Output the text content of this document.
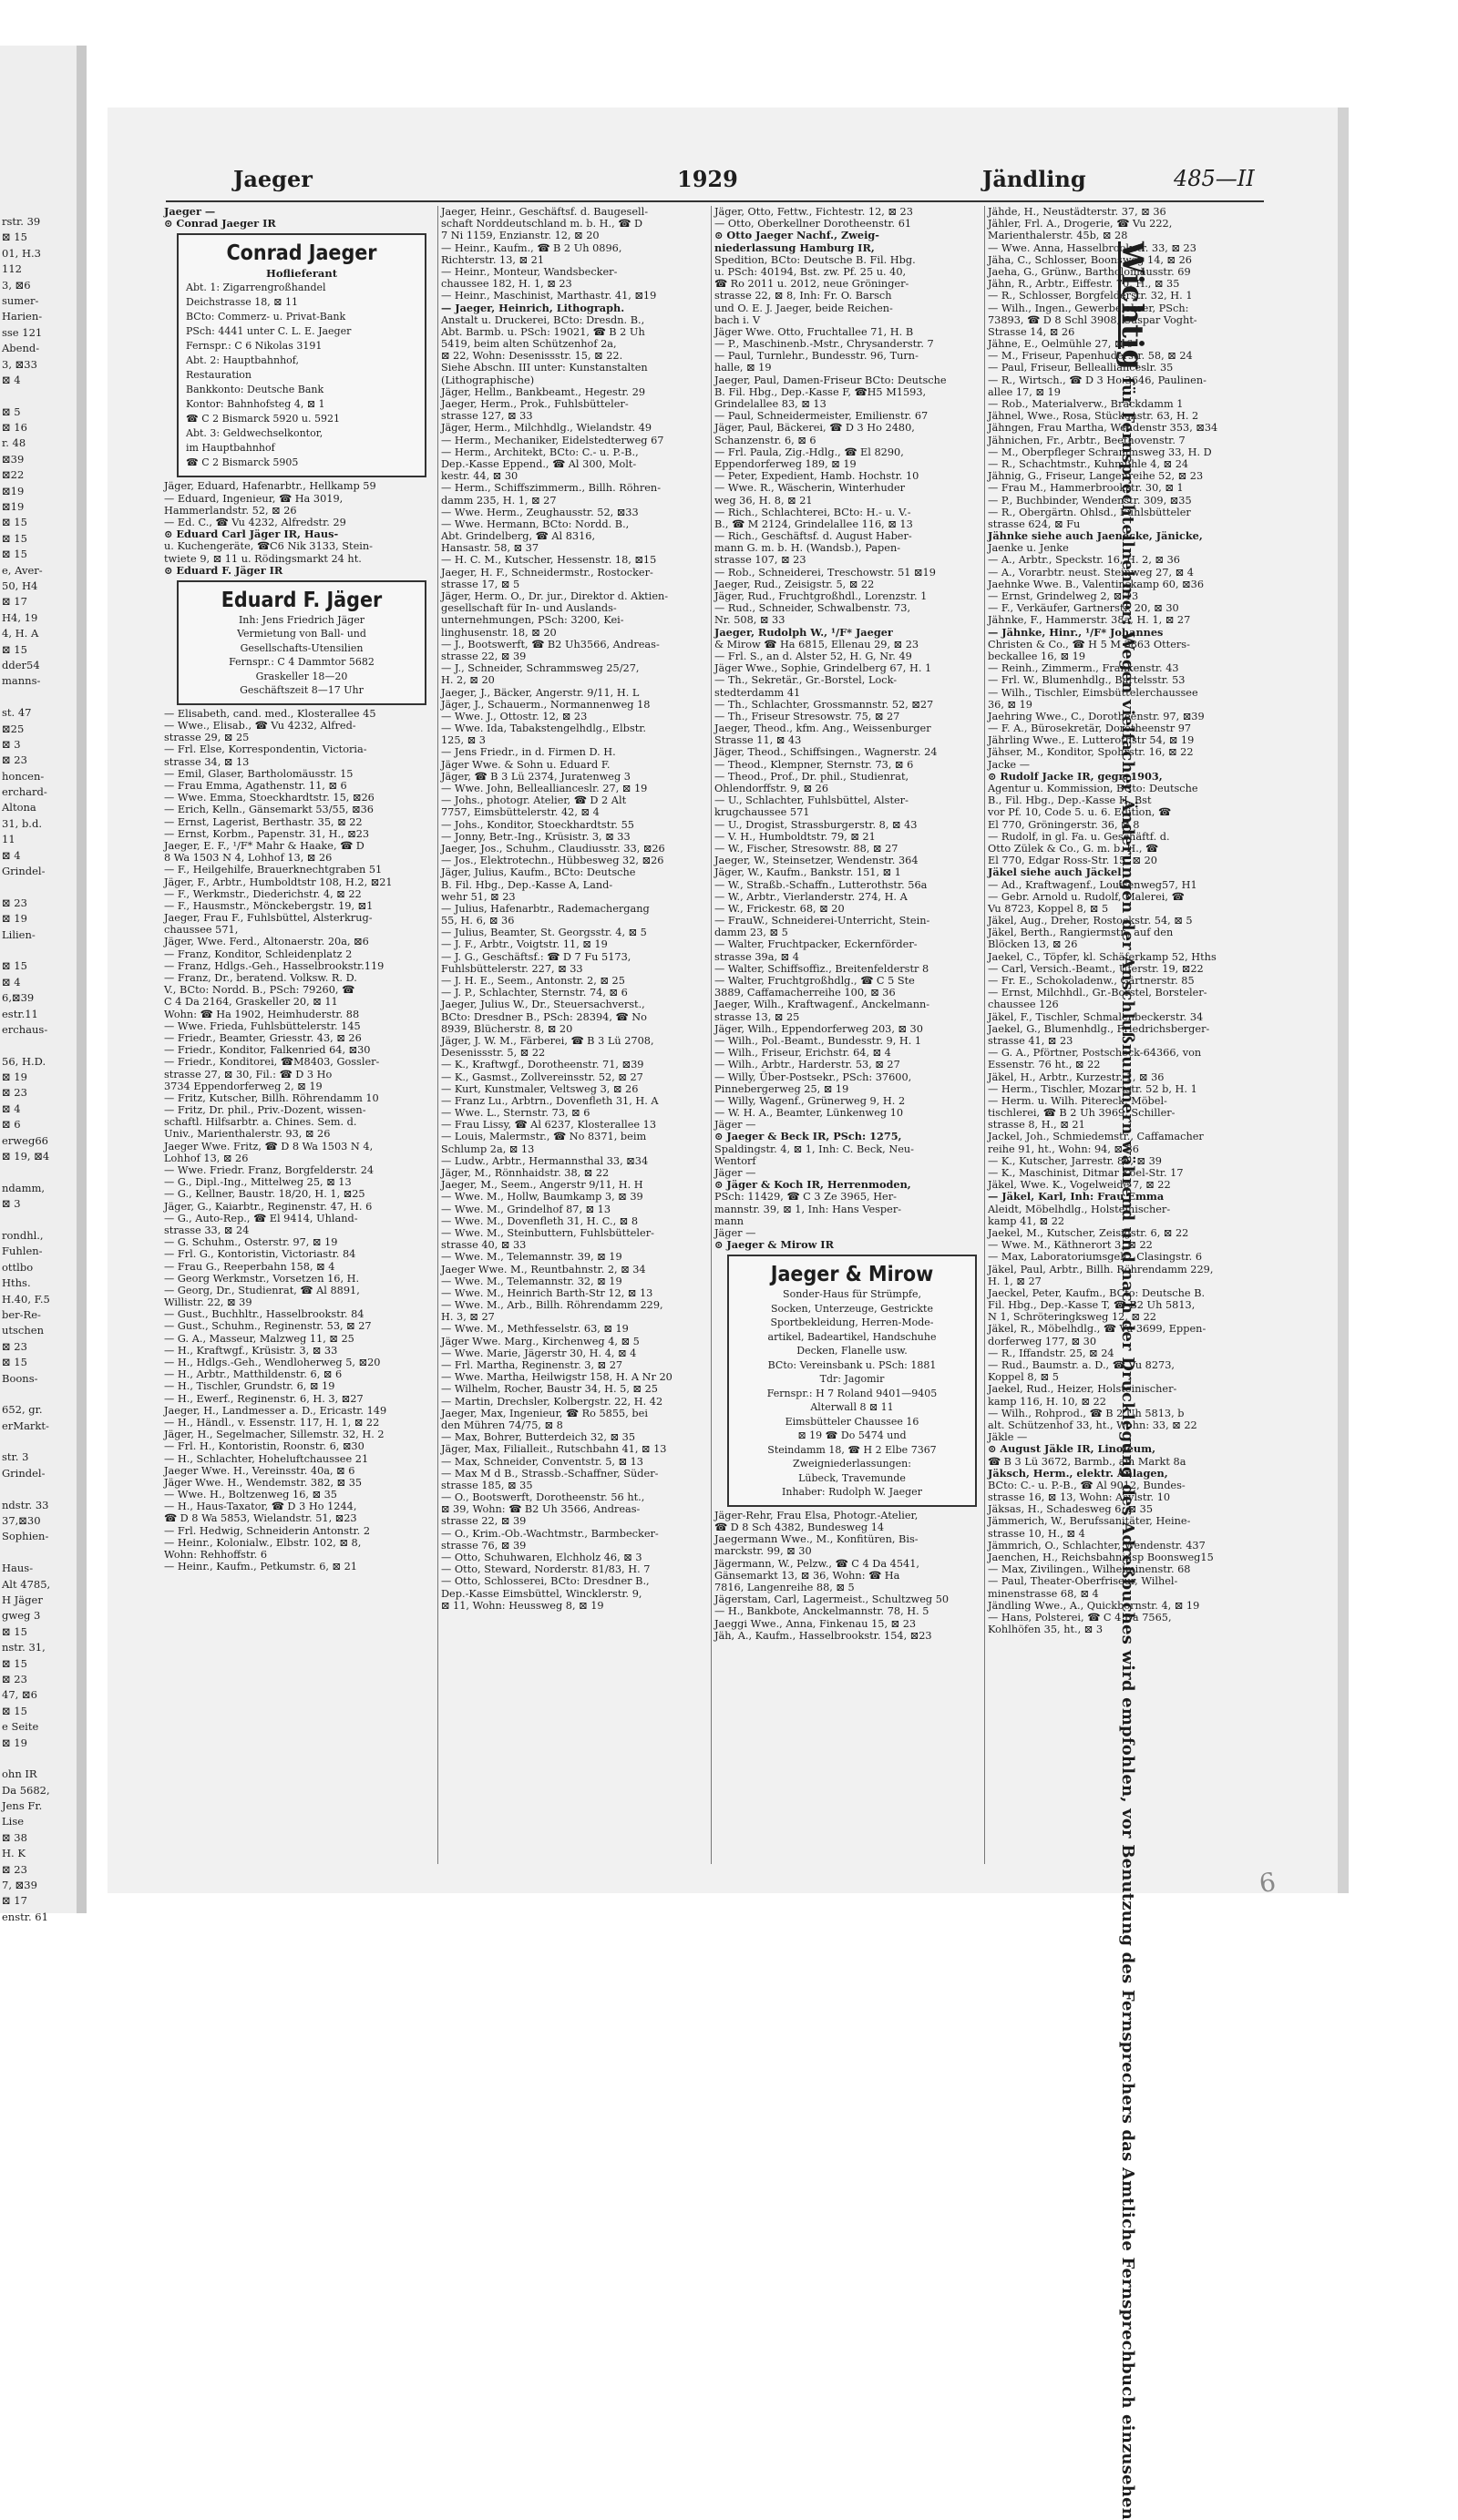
rstr. 39
⊠ 15
01, H.3
112
3, ⊠6
sumer-
Harien-
sse 121
Abend-
3, ⊠33
⊠ 4
⊠ 5
⊠ 16
r. 48
⊠39
⊠22
⊠19
⊠19
⊠ 15
⊠ 15
⊠ 15
e, Aver-
50, H4
⊠ 17
H4, 19
4, H. A
⊠ 15
dder54
manns-
st. 47
⊠25
⊠ 3
⊠ 23
honcen-
erchard-
Altona
31, b.d.
11
⊠ 4
Grindel-
⊠ 23
⊠ 19
Lilien-
⊠ 15
⊠ 4
6,⊠39
estr.11
erchaus-
56, H.D.
⊠ 19
⊠ 23
⊠ 4
⊠ 6
erweg66
⊠ 19, ⊠4
ndamm,
⊠ 3
rondhl.,
Fuhlen-
ottlbo
Hths.
H.40, F.5
ber-Re-
utschen
⊠ 23
⊠ 15
Boons-
652, gr.
erMarkt-
str. 3
Grindel-
ndstr. 33
37,⊠30
Sophien-
Haus-
Alt 4785,
H Jäger
gweg 3
⊠ 15
nstr. 31,
⊠ 15
⊠ 23
47, ⊠6
⊠ 15
e Seite
⊠ 19
ohn IR
Da 5682,
Jens Fr.
Lise
⊠ 38
H. K
⊠ 23
7, ⊠39
⊠ 17
enstr. 61
Jaeger	1929	Jändling	485—II
Jaeger —
⊙ Conrad Jaeger IR
Conrad Jaeger
Hoflieferant
Abt. 1: Zigarrengroßhandel
Deichstrasse 18, ⊠ 11
BCto: Commerz- u. Privat-Bank
PSch: 4441 unter C. L. E. Jaeger
Fernspr.: C 6 Nikolas 3191
Abt. 2: Hauptbahnhof,
Restauration
Bankkonto: Deutsche Bank
Kontor: Bahnhofsteg 4, ⊠ 1
☎ C 2 Bismarck 5920 u. 5921
Abt. 3: Geldwechselkontor,
im Hauptbahnhof
☎ C 2 Bismarck 5905
Jäger, Eduard, Hafenarbtr., Hellkamp 59
— Eduard, Ingenieur, ☎ Ha 3019,
Hammerlandstr. 52, ⊠ 26
— Ed. C., ☎ Vu 4232, Alfredstr. 29
⊙ Eduard Carl Jäger IR, Haus-
u. Kuchengeräte, ☎C6 Nik 3133, Stein-
twiete 9, ⊠ 11 u. Rödingsmarkt 24 ht.
⊙ Eduard F. Jäger IR
Eduard F. Jäger
Inh: Jens Friedrich Jäger
Vermietung von Ball- und
Gesellschafts-Utensilien
Fernspr.: C 4 Dammtor 5682
Graskeller 18—20
Geschäftszeit 8—17 Uhr
— Elisabeth, cand. med., Klosterallee 45
— Wwe., Elisab., ☎ Vu 4232, Alfred-
strasse 29, ⊠ 25
— Frl. Else, Korrespondentin, Victoria-
strasse 34, ⊠ 13
— Emil, Glaser, Bartholomäusstr. 15
— Frau Emma, Agathenstr. 11, ⊠ 6
— Wwe. Emma, Stoeckhardtstr. 15, ⊠26
— Erich, Kelln., Gänsemarkt 53/55, ⊠36
— Ernst, Lagerist, Berthastr. 35, ⊠ 22
— Ernst, Korbm., Papenstr. 31, H., ⊠23
Jaeger, E. F., ¹/F* Mahr & Haake, ☎ D
8 Wa 1503 N 4, Lohhof 13, ⊠ 26
— F., Heilgehilfe, Brauerknechtgraben 51
Jäger, F., Arbtr., Humboldtstr 108, H.2, ⊠21
— F., Werkmstr., Diederichstr. 4, ⊠ 22
— F., Hausmstr., Mönckebergstr. 19, ⊠1
Jaeger, Frau F., Fuhlsbüttel, Alsterkrug-
chaussee 571,
Jäger, Wwe. Ferd., Altonaerstr. 20a, ⊠6
— Franz, Konditor, Schleidenplatz 2
— Franz, Hdlgs.-Geh., Hasselbrookstr.119
— Franz, Dr., beratend. Volksw. R. D.
V., BCto: Nordd. B., PSch: 79260, ☎
C 4 Da 2164, Graskeller 20, ⊠ 11
Wohn: ☎ Ha 1902, Heimhuderstr. 88
— Wwe. Frieda, Fuhlsbüttelerstr. 145
— Friedr., Beamter, Griesstr. 43, ⊠ 26
— Friedr., Konditor, Falkenried 64, ⊠30
— Friedr., Konditorei, ☎M8403, Gossler-
strasse 27, ⊠ 30, Fil.: ☎ D 3 Ho
3734 Eppendorferweg 2, ⊠ 19
— Fritz, Kutscher, Billh. Röhrendamm 10
— Fritz, Dr. phil., Priv.-Dozent, wissen-
schaftl. Hilfsarbtr. a. Chines. Sem. d.
Univ., Marienthalerstr. 93, ⊠ 26
Jaeger Wwe. Fritz, ☎ D 8 Wa 1503 N 4,
Lohhof 13, ⊠ 26
— Wwe. Friedr. Franz, Borgfelderstr. 24
— G., Dipl.-Ing., Mittelweg 25, ⊠ 13
— G., Kellner, Baustr. 18/20, H. 1, ⊠25
Jäger, G., Kaiarbtr., Reginenstr. 47, H. 6
— G., Auto-Rep., ☎ El 9414, Uhland-
strasse 33, ⊠ 24
— G. Schuhm., Osterstr. 97, ⊠ 19
— Frl. G., Kontoristin, Victoriastr. 84
— Frau G., Reeperbahn 158, ⊠ 4
— Georg Werkmstr., Vorsetzen 16, H.
— Georg, Dr., Studienrat, ☎ Al 8891,
Willistr. 22, ⊠ 39
— Gust., Buchhltr., Hasselbrookstr. 84
— Gust., Schuhm., Reginenstr. 53, ⊠ 27
— G. A., Masseur, Malzweg 11, ⊠ 25
— H., Kraftwgf., Krüsistr. 3, ⊠ 33
— H., Hdlgs.-Geh., Wendloherweg 5, ⊠20
— H., Arbtr., Matthildenstr. 6, ⊠ 6
— H., Tischler, Grundstr. 6, ⊠ 19
— H., Ewerf., Reginenstr. 6, H. 3, ⊠27
Jaeger, H., Landmesser a. D., Ericastr. 149
— H., Händl., v. Essenstr. 117, H. 1, ⊠ 22
Jäger, H., Segelmacher, Sillemstr. 32, H. 2
— Frl. H., Kontoristin, Roonstr. 6, ⊠30
— H., Schlachter, Hoheluftchaussee 21
Jaeger Wwe. H., Vereinsstr. 40a, ⊠ 6
Jäger Wwe. H., Wendemstr. 382, ⊠ 35
— Wwe. H., Boltzenweg 16, ⊠ 35
— H., Haus-Taxator, ☎ D 3 Ho 1244,
☎ D 8 Wa 5853, Wielandstr. 51, ⊠23
— Frl. Hedwig, Schneiderin Antonstr. 2
— Heinr., Kolonialw., Elbstr. 102, ⊠ 8,
Wohn: Rehhoffstr. 6
— Heinr., Kaufm., Petkumstr. 6, ⊠ 21
Jaeger, Heinr., Geschäftsf. d. Baugesell-
schaft Norddeutschland m. b. H., ☎ D
7 Ni 1159, Enzianstr. 12, ⊠ 20
— Heinr., Kaufm., ☎ B 2 Uh 0896,
Richterstr. 13, ⊠ 21
— Heinr., Monteur, Wandsbecker-
chaussee 182, H. 1, ⊠ 23
— Heinr., Maschinist, Marthastr. 41, ⊠19
— Jaeger, Heinrich, Lithograph.
Anstalt u. Druckerei, BCto: Dresdn. B.,
Abt. Barmb. u. PSch: 19021, ☎ B 2 Uh
5419, beim alten Schützenhof 2a,
⊠ 22, Wohn: Desenissstr. 15, ⊠ 22.
Siehe Abschn. III unter: Kunstanstalten
(Lithographische)
Jäger, Hellm., Bankbeamt., Hegestr. 29
Jaeger, Herm., Prok., Fuhlsbütteler-
strasse 127, ⊠ 33
Jäger, Herm., Milchhdlg., Wielandstr. 49
— Herm., Mechaniker, Eidelstedterweg 67
— Herm., Architekt, BCto: C.- u. P.-B.,
Dep.-Kasse Eppend., ☎ Al 300, Molt-
kestr. 44, ⊠ 30
— Herm., Schiffszimmerm., Billh. Röhren-
damm 235, H. 1, ⊠ 27
— Wwe. Herm., Zeughausstr. 52, ⊠33
— Wwe. Hermann, BCto: Nordd. B.,
Abt. Grindelberg, ☎ Al 8316,
Hansastr. 58, ⊠ 37
— H. C. M., Kutscher, Hessenstr. 18, ⊠15
Jaeger, H. F., Schneidermstr., Rostocker-
strasse 17, ⊠ 5
Jäger, Herm. O., Dr. jur., Direktor d. Aktien-
gesellschaft für In- und Auslands-
unternehmungen, PSch: 3200, Kei-
linghusenstr. 18, ⊠ 20
— J., Bootswerft, ☎ B2 Uh3566, Andreas-
strasse 22, ⊠ 39
— J., Schneider, Schrammsweg 25/27,
H. 2, ⊠ 20
Jaeger, J., Bäcker, Angerstr. 9/11, H. L
Jäger, J., Schauerm., Normannenweg 18
— Wwe. J., Ottostr. 12, ⊠ 23
— Wwe. Ida, Tabakstengelhdlg., Elbstr.
125, ⊠ 3
— Jens Friedr., in d. Firmen D. H.
Jäger Wwe. & Sohn u. Eduard F.
Jäger, ☎ B 3 Lü 2374, Juratenweg 3
— Wwe. John, Belleallianceslr. 27, ⊠ 19
— Johs., photogr. Atelier, ☎ D 2 Alt
7757, Eimsbüttelerstr. 42, ⊠ 4
— Johs., Konditor, Stoeckhardtstr. 55
— Jonny, Betr.-Ing., Krüsistr. 3, ⊠ 33
Jaeger, Jos., Schuhm., Claudiusstr. 33, ⊠26
— Jos., Elektrotechn., Hübbesweg 32, ⊠26
Jäger, Julius, Kaufm., BCto: Deutsche
B. Fil. Hbg., Dep.-Kasse A, Land-
wehr 51, ⊠ 23
— Julius, Hafenarbtr., Rademachergang
55, H. 6, ⊠ 36
— Julius, Beamter, St. Georgsstr. 4, ⊠ 5
— J. F., Arbtr., Voigtstr. 11, ⊠ 19
— J. G., Geschäftsf.: ☎ D 7 Fu 5173,
Fuhlsbüttelerstr. 227, ⊠ 33
— J. H. E., Seem., Antonstr. 2, ⊠ 25
— J. P., Schlachter, Sternstr. 74, ⊠ 6
Jaeger, Julius W., Dr., Steuersachverst.,
BCto: Dresdner B., PSch: 28394, ☎ No
8939, Blücherstr. 8, ⊠ 20
Jäger, J. W. M., Färberei, ☎ B 3 Lü 2708,
Desenissstr. 5, ⊠ 22
— K., Kraftwgf., Dorotheenstr. 71, ⊠39
— K., Gasmst., Zollvereinsstr. 52, ⊠ 27
— Kurt, Kunstmaler, Veltsweg 3, ⊠ 26
— Franz Lu., Arbtrn., Dovenfleth 31, H. A
— Wwe. L., Sternstr. 73, ⊠ 6
— Frau Lissy, ☎ Al 6237, Klosterallee 13
— Louis, Malermstr., ☎ No 8371, beim
Schlump 2a, ⊠ 13
— Ludw., Arbtr., Hermannsthal 33, ⊠34
Jäger, M., Rönnhaidstr. 38, ⊠ 22
Jaeger, M., Seem., Angerstr 9/11, H. H
— Wwe. M., Hollw, Baumkamp 3, ⊠ 39
— Wwe. M., Grindelhof 87, ⊠ 13
— Wwe. M., Dovenfleth 31, H. C., ⊠ 8
— Wwe. M., Steinbuttern, Fuhlsbütteler-
strasse 40, ⊠ 33
— Wwe. M., Telemannstr. 39, ⊠ 19
Jaeger Wwe. M., Reuntbahnstr. 2, ⊠ 34
— Wwe. M., Telemannstr. 32, ⊠ 19
— Wwe. M., Heinrich Barth-Str 12, ⊠ 13
— Wwe. M., Arb., Billh. Röhrendamm 229,
H. 3, ⊠ 27
— Wwe. M., Methfesselstr. 63, ⊠ 19
Jäger Wwe. Marg., Kirchenweg 4, ⊠ 5
— Wwe. Marie, Jägerstr 30, H. 4, ⊠ 4
— Frl. Martha, Reginenstr. 3, ⊠ 27
— Wwe. Martha, Heilwigstr 158, H. A Nr 20
— Wilhelm, Rocher, Baustr 34, H. 5, ⊠ 25
— Martin, Drechsler, Kolbergstr. 22, H. 42
Jaeger, Max, Ingenieur, ☎ Ro 5855, bei
den Mühren 74/75, ⊠ 8
— Max, Bohrer, Butterdeich 32, ⊠ 35
Jäger, Max, Filialleit., Rutschbahn 41, ⊠ 13
— Max, Schneider, Conventstr. 5, ⊠ 13
— Max M d B., Strassb.-Schaffner, Süder-
strasse 185, ⊠ 35
— O., Bootswerft, Dorotheenstr. 56 ht.,
⊠ 39, Wohn: ☎ B2 Uh 3566, Andreas-
strasse 22, ⊠ 39
— O., Krim.-Ob.-Wachtmstr., Barmbecker-
strasse 76, ⊠ 39
— Otto, Schuhwaren, Elchholz 46, ⊠ 3
— Otto, Steward, Norderstr. 81/83, H. 7
— Otto, Schlosserei, BCto: Dresdner B.,
Dep.-Kasse Eimsbüttel, Wincklerstr. 9,
⊠ 11, Wohn: Heussweg 8, ⊠ 19
Jäger, Otto, Fettw., Fichtestr. 12, ⊠ 23
— Otto, Oberkellner Dorotheenstr. 61
⊙ Otto Jaeger Nachf., Zweig-
niederlassung Hamburg IR,
Spedition, BCto: Deutsche B. Fil. Hbg.
u. PSch: 40194, Bst. zw. Pf. 25 u. 40,
☎ Ro 2011 u. 2012, neue Gröninger-
strasse 22, ⊠ 8, Inh: Fr. O. Barsch
und O. E. J. Jaeger, beide Reichen-
bach i. V
Jäger Wwe. Otto, Fruchtallee 71, H. B
— P., Maschinenb.-Mstr., Chrysanderstr. 7
— Paul, Turnlehr., Bundesstr. 96, Turn-
halle, ⊠ 19
Jaeger, Paul, Damen-Friseur BCto: Deutsche
B. Fil. Hbg., Dep.-Kasse F, ☎H5 M1593,
Grindelallee 83, ⊠ 13
— Paul, Schneidermeister, Emilienstr. 67
Jäger, Paul, Bäckerei, ☎ D 3 Ho 2480,
Schanzenstr. 6, ⊠ 6
— Frl. Paula, Zig.-Hdlg., ☎ El 8290,
Eppendorferweg 189, ⊠ 19
— Peter, Expedient, Hamb. Hochstr. 10
— Wwe. R., Wäscherin, Winterhuder
weg 36, H. 8, ⊠ 21
— Rich., Schlachterei, BCto: H.- u. V.-
B., ☎ M 2124, Grindelallee 116, ⊠ 13
— Rich., Geschäftsf. d. August Haber-
mann G. m. b. H. (Wandsb.), Papen-
strasse 107, ⊠ 23
— Rob., Schneiderei, Treschowstr. 51 ⊠19
Jaeger, Rud., Zeisigstr. 5, ⊠ 22
Jäger, Rud., Fruchtgroßhdl., Lorenzstr. 1
— Rud., Schneider, Schwalbenstr. 73,
Nr. 508, ⊠ 33
Jaeger, Rudolph W., ¹/F* Jaeger
& Mirow ☎ Ha 6815, Ellenau 29, ⊠ 23
— Frl. S., an d. Alster 52, H. G, Nr. 49
Jäger Wwe., Sophie, Grindelberg 67, H. 1
— Th., Sekretär., Gr.-Borstel, Lock-
stedterdamm 41
— Th., Schlachter, Grossmannstr. 52, ⊠27
— Th., Friseur Stresowstr. 75, ⊠ 27
Jaeger, Theod., kfm. Ang., Weissenburger
Strasse 11, ⊠ 43
Jäger, Theod., Schiffsingen., Wagnerstr. 24
— Theod., Klempner, Sternstr. 73, ⊠ 6
— Theod., Prof., Dr. phil., Studienrat,
Ohlendorffstr. 9, ⊠ 26
— U., Schlachter, Fuhlsbüttel, Alster-
krugchaussee 571
— U., Drogist, Strassburgerstr. 8, ⊠ 43
— V. H., Humboldtstr. 79, ⊠ 21
— W., Fischer, Stresowstr. 88, ⊠ 27
Jaeger, W., Steinsetzer, Wendenstr. 364
Jäger, W., Kaufm., Bankstr. 151, ⊠ 1
— W., Straßb.-Schaffn., Lutterothstr. 56a
— W., Arbtr., Vierlanderstr. 274, H. A
— W., Frickestr. 68, ⊠ 20
— FrauW., Schneiderei-Unterricht, Stein-
damm 23, ⊠ 5
— Walter, Fruchtpacker, Eckernförder-
strasse 39a, ⊠ 4
— Walter, Schiffsoffiz., Breitenfelderstr 8
— Walter, Fruchtgroßhdlg., ☎ C 5 Ste
3889, Caffamacherreihe 100, ⊠ 36
Jaeger, Wilh., Kraftwagenf., Anckelmann-
strasse 13, ⊠ 25
Jäger, Wilh., Eppendorferweg 203, ⊠ 30
— Wilh., Pol.-Beamt., Bundesstr. 9, H. 1
— Wilh., Friseur, Erichstr. 64, ⊠ 4
— Wilh., Arbtr., Harderstr. 53, ⊠ 27
— Willy, Über-Postsekr., PSch: 37600,
Pinnebergerweg 25, ⊠ 19
— Willy, Wagenf., Grünerweg 9, H. 2
— W. H. A., Beamter, Lünkenweg 10
Jäger —
⊙ Jaeger & Beck IR, PSch: 1275,
Spaldingstr. 4, ⊠ 1, Inh: C. Beck, Neu-
Wentorf
Jäger —
⊙ Jäger & Koch IR, Herrenmoden,
PSch: 11429, ☎ C 3 Ze 3965, Her-
mannstr. 39, ⊠ 1, Inh: Hans Vesper-
mann
Jäger —
⊙ Jaeger & Mirow IR
Jaeger & Mirow
Sonder-Haus für Strümpfe,
Socken, Unterzeuge, Gestrickte
Sportbekleidung, Herren-Mode-
artikel, Badeartikel, Handschuhe
Decken, Flanelle usw.
BCto: Vereinsbank u. PSch: 1881
Tdr: Jagomir
Fernspr.: H 7 Roland 9401—9405
Alterwall 8 ⊠ 11
Eimsbütteler Chaussee 16
⊠ 19 ☎ Do 5474 und
Steindamm 18, ☎ H 2 Elbe 7367
Zweigniederlassungen:
Lübeck, Travemunde
Inhaber: Rudolph W. Jaeger
Jäger-Rehr, Frau Elsa, Photogr.-Atelier,
☎ D 8 Sch 4382, Bundesweg 14
Jaegermann Wwe., M., Konfitüren, Bis-
marckstr. 99, ⊠ 30
Jägermann, W., Pelzw., ☎ C 4 Da 4541,
Gänsemarkt 13, ⊠ 36, Wohn: ☎ Ha
7816, Langenreihe 88, ⊠ 5
Jägerstam, Carl, Lagermeist., Schultzweg 50
— H., Bankbote, Anckelmannstr. 78, H. 5
Jaeggi Wwe., Anna, Finkenau 15, ⊠ 23
Jäh, A., Kaufm., Hasselbrookstr. 154, ⊠23
Jähde, H., Neustädterstr. 37, ⊠ 36
Jähler, Frl. A., Drogerie, ☎ Vu 222,
Marienthalerstr. 45b, ⊠ 28
— Wwe. Anna, Hasselbrookstr. 33, ⊠ 23
Jäha, C., Schlosser, Boonsweg 14, ⊠ 26
Jaeha, G., Grünw., Bartholomäusstr. 69
Jähn, R., Arbtr., Eiffestr. 70, H., ⊠ 35
— R., Schlosser, Borgfelderstr. 32, H. 1
— Wilh., Ingen., Gewerbelehrer, PSch:
73893, ☎ D 8 Schl 3908, Caspar Voght-
Strasse 14, ⊠ 26
Jähne, E., Oelmühle 27, ⊠ 6
— M., Friseur, Papenhuderstr. 58, ⊠ 24
— Paul, Friseur, Belleallianceslr. 35
— R., Wirtsch., ☎ D 3 Ho 3646, Paulinen-
allee 17, ⊠ 19
— Rob., Materialverw., Brackdamm 1
Jähnel, Wwe., Rosa, Stückenstr. 63, H. 2
Jähngen, Frau Martha, Wendenstr 353, ⊠34
Jähnichen, Fr., Arbtr., Beethovenstr. 7
— M., Oberpfleger Schrammsweg 33, H. D
— R., Schachtmstr., Kuhmühle 4, ⊠ 24
Jähnig, G., Friseur, Langenreihe 52, ⊠ 23
— Frau M., Hammerbrookstr. 30, ⊠ 1
— P., Buchbinder, Wendenstr. 309, ⊠35
— R., Obergärtn. Ohlsd., Fuhlsbütteler
strasse 624, ⊠ Fu
Jähnke siehe auch Jaenecke, Jänicke,
Jaenke u. Jenke
— A., Arbtr., Speckstr. 16, H. 2, ⊠ 36
— A., Vorarbtr. neust. Steinweg 27, ⊠ 4
Jaehnke Wwe. B., Valentinskamp 60, ⊠36
— Ernst, Grindelweg 2, ⊠ 13
— F., Verkäufer, Gartnerstr. 20, ⊠ 30
Jähnke, F., Hammerstr. 38a, H. 1, ⊠ 27
— Jähnke, Hinr., ¹/F* Johannes
Christen & Co., ☎ H 5 M 3863 Otters-
beckallee 16, ⊠ 19
— Reinh., Zimmerm., Frankenstr. 43
— Frl. W., Blumenhdlg., Bartelsstr. 53
— Wilh., Tischler, Eimsbüttelerchaussee
36, ⊠ 19
Jaehring Wwe., C., Dorotheenstr. 97, ⊠39
— F. A., Bürosekretär, Dorotheenstr 97
Jährling Wwe., E. Lutterothstr 54, ⊠ 19
Jähser, M., Konditor, Spohrstr. 16, ⊠ 22
Jacke —
⊙ Rudolf Jacke IR, gegr. 1903,
Agentur u. Kommission, BCto: Deutsche
B., Fil. Hbg., Dep.-Kasse H, Bst
vor Pf. 10, Code 5. u. 6. Edition, ☎
El 770, Gröningerstr. 36, ⊠ 8
— Rudolf, in gl. Fa. u. Geschäftf. d.
Otto Zülek & Co., G. m. b. H., ☎
El 770, Edgar Ross-Str. 15, ⊠ 20
Jäkel siehe auch Jäckel
— Ad., Kraftwagenf., Louisenweg57, H1
— Gebr. Arnold u. Rudolf, Malerei, ☎
Vu 8723, Koppel 8, ⊠ 5
Jäkel, Aug., Dreher, Rostockstr. 54, ⊠ 5
Jäkel, Berth., Rangiermstr., auf den
Blöcken 13, ⊠ 26
Jaekel, C., Töpfer, kl. Schäferkamp 52, Hths
— Carl, Versich.-Beamt., Uferstr. 19, ⊠22
— Fr. E., Schokoladenw., Gärtnerstr. 85
— Ernst, Milchhdl., Gr.-Borstel, Borsteler-
chaussee 126
Jäkel, F., Tischler, Schmalenbeckerstr. 34
Jaekel, G., Blumenhdlg., Friedrichsberger-
strasse 41, ⊠ 23
— G. A., Pförtner, Postscheck-64366, von
Essenstr. 76 ht., ⊠ 22
Jäkel, H., Arbtr., Kurzestr. 1, ⊠ 36
— Herm., Tischler, Mozartstr. 52 b, H. 1
— Herm. u. Wilh. Pitereck, Möbel-
tischlerei, ☎ B 2 Uh 3969, Schiller-
strasse 8, H., ⊠ 21
Jackel, Joh., Schmiedemstr., Caffamacher
reihe 91, ht., Wohn: 94, ⊠ 36
— K., Kutscher, Jarrestr. 86, ⊠ 39
— K., Maschinist, Ditmar Koel-Str. 17
Jäkel, Wwe. K., Vogelweide 7, ⊠ 22
— Jäkel, Karl, Inh: Frau Emma
Aleidt, Möbelhdlg., Holsteinischer-
kamp 41, ⊠ 22
Jaekel, M., Kutscher, Zeisigstr. 6, ⊠ 22
— Wwe. M., Käthnerort 3, ⊠ 22
— Max, Laboratoriumsgeh., Clasingstr. 6
Jäkel, Paul, Arbtr., Billh. Röhrendamm 229,
H. 1, ⊠ 27
Jaeckel, Peter, Kaufm., BCto: Deutsche B.
Fil. Hbg., Dep.-Kasse T, ☎ B2 Uh 5813,
N 1, Schröteringksweg 12, ⊠ 22
Jäkel, R., Möbelhdlg., ☎ Vu 3699, Eppen-
dorferweg 177, ⊠ 30
— R., Iffandstr. 25, ⊠ 24
— Rud., Baumstr. a. D., ☎ Vu 8273,
Koppel 8, ⊠ 5
Jaekel, Rud., Heizer, Holsteinischer-
kamp 116, H. 10, ⊠ 22
— Wilh., Rohprod., ☎ B 2 Uh 5813, b
alt. Schützenhof 33, ht., Wohn: 33, ⊠ 22
Jäkle —
⊙ August Jäkle IR, Linoleum,
☎ B 3 Lü 3672, Barmb., am Markt 8a
Jäksch, Herm., elektr. Anlagen,
BCto: C.- u. P.-B., ☎ Al 9012, Bundes-
strasse 16, ⊠ 13, Wohn: Asylstr. 10
Jäksas, H., Schadesweg 6, ⊠ 35
Jämmerich, W., Berufssanitäter, Heine-
strasse 10, H., ⊠ 4
Jämmrich, O., Schlachter, Wendenstr. 437
Jaenchen, H., Reichsbahninsp Boonsweg15
— Max, Zivilingen., Wilhelminenstr. 68
— Paul, Theater-Oberfriseur, Wilhel-
minenstrasse 68, ⊠ 4
Jändling Wwe., A., Quickbornstr. 4, ⊠ 19
— Hans, Polsterei, ☎ C 4 Da 7565,
Kohlhöfen 35, ht., ⊠ 3
Wichtigfür Fernsprechteilnehmer: Wegen vielfacher Änderungen der Anschlußnummern während und nach der Drucklegung des Adreßbuches wird empfohlen, vor Benutzung des Fernsprechers das Amtliche Fernsprechbuch einzusehen	6
